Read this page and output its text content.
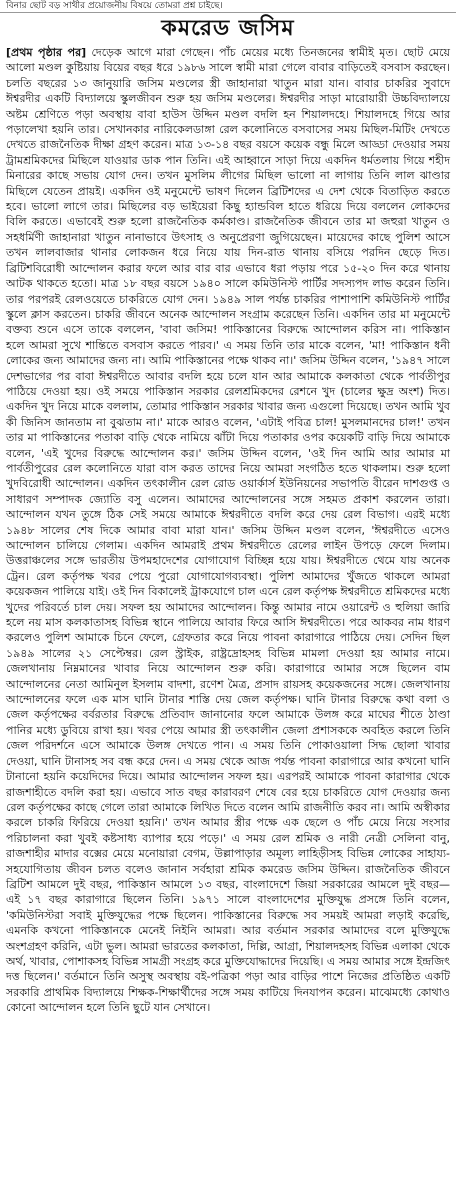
বিনার ছোট বড় সাথীর প্রয়োজনীয় বিষয়ে তোমরা প্রশ্ন চাইছে।
কমরেড জসিম
[প্রথম পৃষ্ঠার পর] দেড়েক আগে মারা গেছেন। পাঁচ মেয়ের মধ্যে তিনজনের স্বামীই মৃত। ছোট মেয়ে আলো মণ্ডল কুষ্টিয়ায় বিয়ের বছর ধরে ১৯৮৬ সালে স্বামী মারা গেলে বাবার বাড়িতেই বসবাস করছেন। চলতি বছরের ১৩ জানুয়ারি জসিম মণ্ডলের স্ত্রী জাহানারা খাতুন মারা যান। বাবার চাকরির সুবাদে ঈশ্বরদীর একটি বিদ্যালয়ে স্কুলজীবন শুরু হয় জসিম মণ্ডলের। ঈশ্বরদীর সাড়া মারোয়ারী উচ্চবিদ্যালয়ে অষ্টম শ্রেণিতে পড়া অবস্থায় বাবা হাউস উদ্দিন মণ্ডল বদলি হন শিয়ালদহে। শিয়ালদহে গিয়ে আর পড়ালেখা হয়নি তার। সেখানকার নারিকেলডাঙ্গা রেল কলোনিতে বসবাসের সময় মিছিল-মিটিং দেখতে দেখতে রাজনৈতিক দীক্ষা গ্রহণ করেন। মাত্র ১৩-১৪ বছর বয়সে কয়েক বন্ধু মিলে আড্ডা দেওয়ার সময় ট্রামশ্রমিকদের মিছিলে যাওয়ার ডাক পান তিনি। এই আহ্বানে সাড়া দিয়ে একদিন ধর্মতলায় গিয়ে শহীদ মিনারের কাছে সভায় যোগ দেন। তখন মুসলিম লীগের মিছিল ভালো না লাগায় তিনি লাল ঝাণ্ডার মিছিলে যেতেন প্রায়ই। একদিন ওই মনুমেন্টে ভাষণ দিলেন ব্রিটিশদের এ দেশ থেকে বিতাড়িত করতে হবে। ভালো লাগে তার। মিছিলের বড় ভাইয়েরা কিছু হ্যান্ডবিল হাতে ধরিয়ে দিয়ে বললেন লোকদের বিলি করতে। এভাবেই শুরু হলো রাজনৈতিক কর্মকাণ্ড। রাজনৈতিক জীবনে তার মা জহুরা খাতুন ও সহধর্মিণী জাহানারা খাতুন নানাভাবে উৎসাহ ও অনুপ্রেরণা জুগিয়েছেন। মায়েদের কাছে পুলিশ আসে তখন লালবাজার থানার লোকজন ধরে নিয়ে যায় দিন-রাত থানায় বসিয়ে পরদিন ছেড়ে দিত। ব্রিটিশবিরোধী আন্দোলন করার ফলে আর বার বার এভাবে ধরা পড়ায় পরে ১৫-২০ দিন করে থানায় আটক থাকতে হতো। মাত্র ১৮ বছর বয়সে ১৯৪০ সালে কমিউনিস্ট পার্টির সদস্যপদ লাভ করেন তিনি। তার পরপরই রেলওয়েতে চাকরিতে যোগ দেন। ১৯৪৯ সাল পর্যন্ত চাকরির পাশাপাশি কমিউনিস্ট পার্টির স্কুলে ক্লাস করতেন। চাকরি জীবনে অনেক আন্দোলন সংগ্রাম করেছেন তিনি। একদিন তার মা মনুমেন্টে বক্তব্য শুনে এসে তাকে বললেন, 'বাবা জসিম! পাকিস্তানের বিরুদ্ধে আন্দোলন করিস না। পাকিস্তান হলে আমরা সুখে শান্তিতে বসবাস করতে পারব।' এ সময় তিনি তার মাকে বলেন, 'মা! পাকিস্তান ধনী লোকের জন্য আমাদের জন্য না। আমি পাকিস্তানের পক্ষে থাকব না।' জসিম উদ্দিন বলেন, '১৯৪৭ সালে দেশভাগের পর বাবা ঈশ্বরদীতে আবার বদলি হয়ে চলে যান আর আমাকে কলকাতা থেকে পার্বতীপুর পাঠিয়ে দেওয়া হয়। ওই সময়ে পাকিস্তান সরকার রেলশ্রমিকদের রেশনে খুদ (চালের ক্ষুদ্র অংশ) দিত। একদিন খুদ নিয়ে মাকে বললাম, তোমার পাকিস্তান সরকার খাবার জন্য এগুলো দিয়েছে। তখন আমি খুব কী জিনিস জানতাম না বুঝতাম না।' মাকে আরও বলেন, 'এটাই পবিত্র চাল! মুসলমানদের চাল!' তখন তার মা পাকিস্তানের পতাকা বাড়ি থেকে নামিয়ে ঝাঁটা দিয়ে পতাকার ওপর কয়েকটি বাড়ি দিয়ে আমাকে বলেন, 'এই খুদের বিরুদ্ধে আন্দোলন কর।' জসিম উদ্দিন বলেন, 'ওই দিন আমি আর আমার মা পার্বতীপুরের রেল কলোনিতে যারা বাস করত তাদের নিয়ে আমরা সংগঠিত হতে থাকলাম। শুরু হলো খুদবিরোধী আন্দোলন। একদিন তৎকালীন রেল রোড ওয়ার্কার্স ইউনিয়নের সভাপতি বীরেন দাশগুপ্ত ও সাধারণ সম্পাদক জ্যোতি বসু এলেন। আমাদের আন্দোলনের সঙ্গে সহমত প্রকাশ করলেন তারা। আন্দোলন যখন তুঙ্গে ঠিক সেই সময়ে আমাকে ঈশ্বরদীতে বদলি করে দেয় রেল বিভাগ। এরই মধ্যে ১৯৪৮ সালের শেষ দিকে আমার বাবা মারা যান।' জসিম উদ্দিন মণ্ডল বলেন, 'ঈশ্বরদীতে এসেও আন্দোলন চালিয়ে গেলাম। একদিন আমরাই প্রথম ঈশ্বরদীতে রেলের লাইন উপড়ে ফেলে দিলাম। উত্তরাঞ্চলের সঙ্গে ভারতীয় উপমহাদেশের যোগাযোগ বিচ্ছিন্ন হয়ে যায়। ঈশ্বরদীতে থেমে যায় অনেক ট্রেন। রেল কর্তৃপক্ষ খবর পেয়ে পুরো যোগাযোগব্যবস্থা। পুলিশ আমাদের খুঁজতে থাকলে আমরা কয়েকজন পালিয়ে যাই। ওই দিন বিকালেই ট্রাকযোগে চাল এনে রেল কর্তৃপক্ষ ঈশ্বরদীতে শ্রমিকদের মধ্যে খুদের পরিবর্তে চাল দেয়। সফল হয় আমাদের আন্দোলন। কিন্তু আমার নামে ওয়ারেন্ট ও হুলিয়া জারি হলে নয় মাস কলকাতাসহ বিভিন্ন স্থানে পালিয়ে আবার ফিরে আসি ঈশ্বরদীতে। পরে আকবর নাম ধারণ করলেও পুলিশ আমাকে চিনে ফেলে, গ্রেফতার করে নিয়ে পাবনা কারাগারে পাঠিয়ে দেয়। সেদিন ছিল ১৯৪৯ সালের ২১ সেপ্টেম্বর। রেল স্ট্রাইক, রাষ্ট্রদ্রোহসহ বিভিন্ন মামলা দেওয়া হয় আমার নামে। জেলখানায় নিম্নমানের খাবার নিয়ে আন্দোলন শুরু করি। কারাগারে আমার সঙ্গে ছিলেন বাম আন্দোলনের নেতা আমিনুল ইসলাম বাদশা, রণেশ মৈত্র, প্রসাদ রায়সহ কয়েকজনের সঙ্গে। জেলখানায় আন্দোলনের ফলে এক মাস ঘানি টানার শাস্তি দেয় জেল কর্তৃপক্ষ। ঘানি টানার বিরুদ্ধে কথা বলা ও জেল কর্তৃপক্ষের বর্বরতার বিরুদ্ধে প্রতিবাদ জানানোর ফলে আমাকে উলঙ্গ করে মাঘের শীতে ঠাণ্ডা পানির মধ্যে ডুবিয়ে রাখা হয়। খবর পেয়ে আমার স্ত্রী তৎকালীন জেলা প্রশাসককে অবহিত করলে তিনি জেল পরিদর্শনে এসে আমাকে উলঙ্গ দেখতে পান। এ সময় তিনি পোকাওয়ালা সিদ্ধ ছোলা খাবার দেওয়া, ঘানি টানাসহ সব বন্ধ করে দেন। এ সময় থেকে আজ পর্যন্ত পাবনা কারাগারে আর কখনো ঘানি টানানো হয়নি কয়েদিদের দিয়ে। আমার আন্দোলন সফল হয়। এরপরই আমাকে পাবনা কারাগার থেকে রাজশাহীতে বদলি করা হয়। এভাবে সাত বছর কারাবরণ শেষে বের হয়ে চাকরিতে যোগ দেওয়ার জন্য রেল কর্তৃপক্ষের কাছে গেলে তারা আমাকে লিখিত দিতে বলেন আমি রাজনীতি করব না। আমি অস্বীকার করলে চাকরি ফিরিয়ে দেওয়া হয়নি।' তখন আমার স্ত্রীর পক্ষে এক ছেলে ও পাঁচ মেয়ে নিয়ে সংসার পরিচালনা করা খুবই কষ্টসাধ্য ব্যাপার হয়ে পড়ে।' এ সময় রেল শ্রমিক ও নারী নেত্রী সেলিনা বানু, রাজশাহীর মাদার বক্সের মেয়ে মনোয়ারা বেগম, উল্লাপাড়ার অমূল্য লাহিড়ীসহ বিভিন্ন লোকের সাহায্য-সহযোগিতায় জীবন চলত বলেও জানান সর্বহারা শ্রমিক কমরেড জসিম উদ্দিন। রাজনৈতিক জীবনে ব্রিটিশ আমলে দুই বছর, পাকিস্তান আমলে ১৩ বছর, বাংলাদেশে জিয়া সরকারের আমলে দুই বছর— এই ১৭ বছর কারাগারে ছিলেন তিনি। ১৯৭১ সালে বাংলাদেশের মুক্তিযুদ্ধ প্রসঙ্গে তিনি বলেন, 'কমিউনিস্টরা সবাই মুক্তিযুদ্ধের পক্ষে ছিলেন। পাকিস্তানের বিরুদ্ধে সব সময়ই আমরা লড়াই করেছি, এমনকি কখনো পাকিস্তানকে মেনেই নিইনি আমরা। আর বর্তমান সরকার আমাদের বলে মুক্তিযুদ্ধে অংশগ্রহণ করিনি, এটা ভুল। আমরা ভারতের কলকাতা, দিল্লি, আগ্রা, শিয়ালদহসহ বিভিন্ন এলাকা থেকে অর্থ, খাবার, পোশাকসহ বিভিন্ন সামগ্রী সংগ্রহ করে মুক্তিযোদ্ধাদের দিয়েছি। এ সময় আমার সঙ্গে ইন্দ্রজিৎ দত্ত ছিলেন।' বর্তমানে তিনি অসুস্থ অবস্থায় বই-পত্রিকা পড়া আর বাড়ির পাশে নিজের প্রতিষ্ঠিত একটি সরকারি প্রাথমিক বিদ্যালয়ে শিক্ষক-শিক্ষার্থীদের সঙ্গে সময় কাটিয়ে দিনযাপন করেন। মাঝেমধ্যে কোথাও কোনো আন্দোলন হলে তিনি ছুটে যান সেখানে।
